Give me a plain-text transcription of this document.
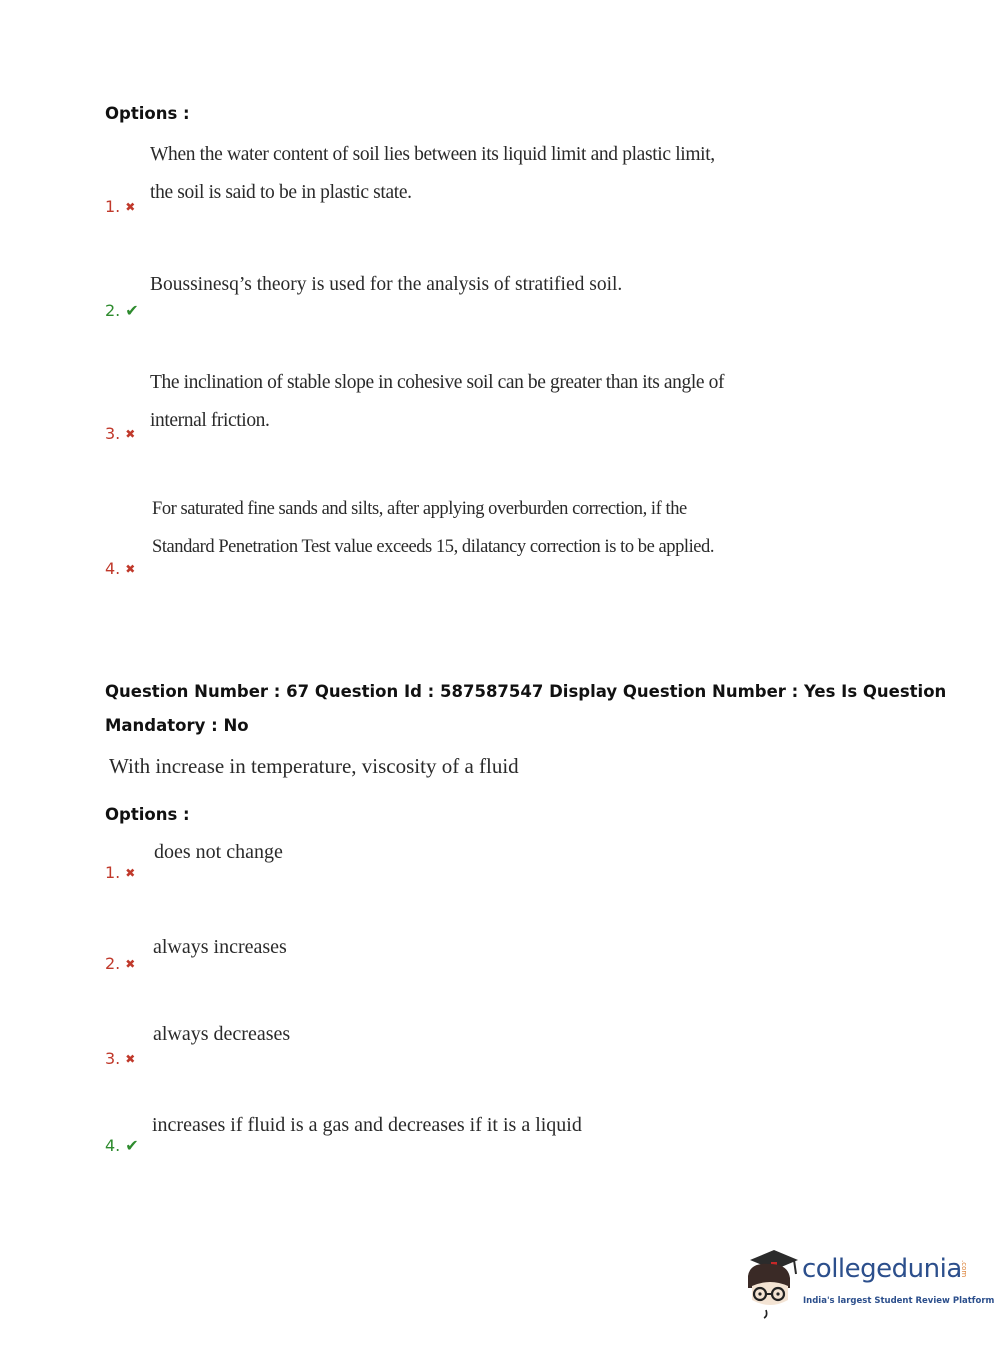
Options :
When the water content of soil lies between its liquid limit and plastic limit,
the soil is said to be in plastic state.
1. ✖
Boussinesq’s theory is used for the analysis of stratified soil.
2. ✔
The inclination of stable slope in cohesive soil can be greater than its angle of
internal friction.
3. ✖
For saturated fine sands and silts, after applying overburden correction, if the
Standard Penetration Test value exceeds 15, dilatancy correction is to be applied.
4. ✖
Question Number : 67 Question Id : 587587547 Display Question Number : Yes Is Question
Mandatory : No
With increase in temperature, viscosity of a fluid
Options :
does not change
1. ✖
always increases
2. ✖
always decreases
3. ✖
increases if fluid is a gas and decreases if it is a liquid
4. ✔
collegedunia
.com
India's largest Student Review Platform
